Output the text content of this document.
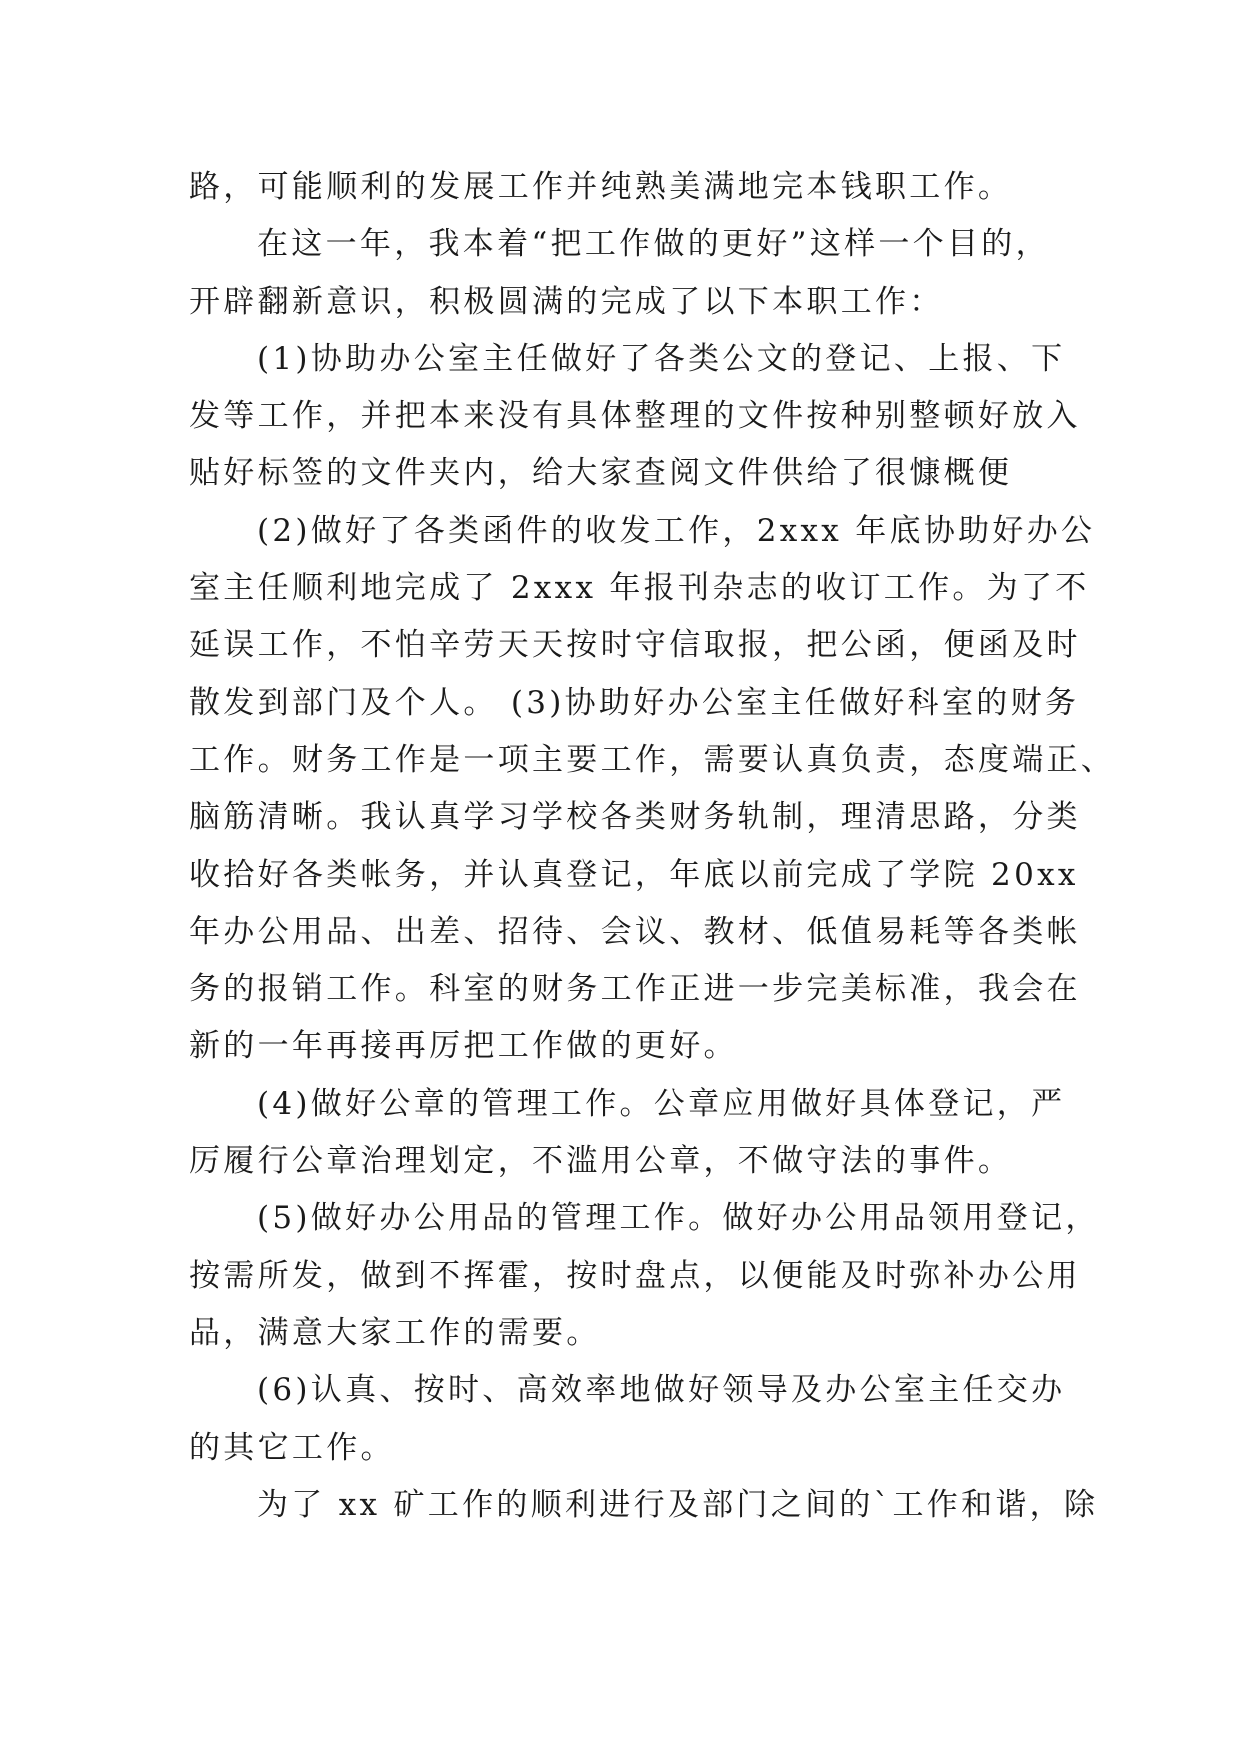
路，可能顺利的发展工作并纯熟美满地完本钱职工作。
在这一年，我本着“把工作做的更好”这样一个目的，
开辟翻新意识，积极圆满的完成了以下本职工作：
(1)协助办公室主任做好了各类公文的登记、上报、下
发等工作，并把本来没有具体整理的文件按种别整顿好放入
贴好标签的文件夹内，给大家查阅文件供给了很慷概便
(2)做好了各类函件的收发工作，2xxx 年底协助好办公
室主任顺利地完成了 2xxx 年报刊杂志的收订工作。为了不
延误工作，不怕辛劳天天按时守信取报，把公函，便函及时
散发到部门及个人。 (3)协助好办公室主任做好科室的财务
工作。财务工作是一项主要工作，需要认真负责，态度端正、
脑筋清晰。我认真学习学校各类财务轨制，理清思路，分类
收拾好各类帐务，并认真登记，年底以前完成了学院 20xx
年办公用品、出差、招待、会议、教材、低值易耗等各类帐
务的报销工作。科室的财务工作正进一步完美标准，我会在
新的一年再接再厉把工作做的更好。
(4)做好公章的管理工作。公章应用做好具体登记，严
厉履行公章治理划定，不滥用公章，不做守法的事件。
(5)做好办公用品的管理工作。做好办公用品领用登记，
按需所发，做到不挥霍，按时盘点，以便能及时弥补办公用
品，满意大家工作的需要。
(6)认真、按时、高效率地做好领导及办公室主任交办
的其它工作。
为了 xx 矿工作的顺利进行及部门之间的`工作和谐，除
